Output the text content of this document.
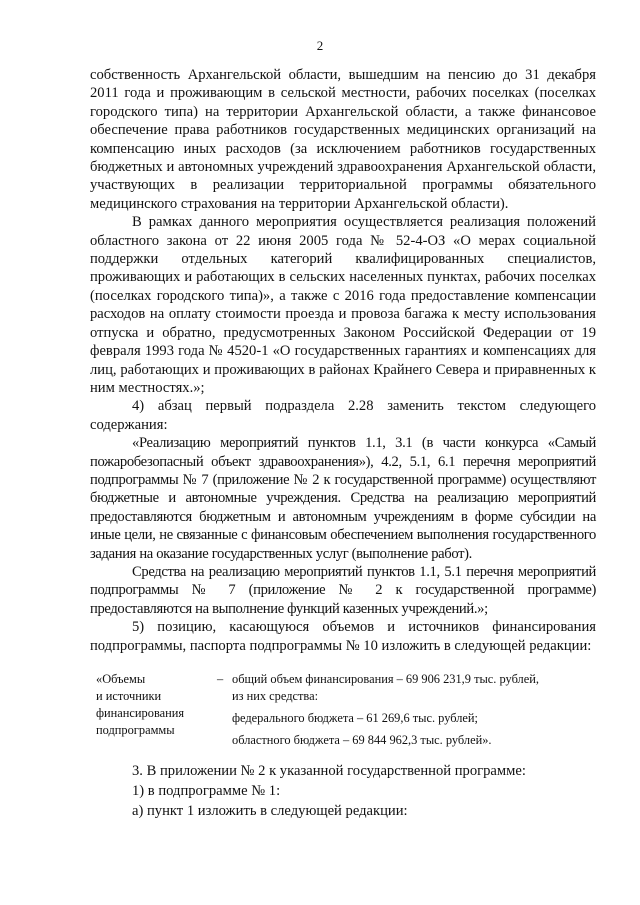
2

собственность Архангельской области, вышедшим на пенсию до 31 декабря 2011 года и проживающим в сельской местности, рабочих поселках (поселках городского типа) на территории Архангельской области, а также финансовое обеспечение права работников государственных медицинских организаций на компенсацию иных расходов (за исключением работников государственных бюджетных и автономных учреждений здравоохранения Архангельской области, участвующих в реализации территориальной программы обязательного медицинского страхования на территории Архангельской области).

В рамках данного мероприятия осуществляется реализация положений областного закона от 22 июня 2005 года № 52-4-ОЗ «О мерах социальной поддержки отдельных категорий квалифицированных специалистов, проживающих и работающих в сельских населенных пунктах, рабочих поселках (поселках городского типа)», а также с 2016 года предоставление компенсации расходов на оплату стоимости проезда и провоза багажа к месту использования отпуска и обратно, предусмотренных Законом Российской Федерации от 19 февраля 1993 года № 4520-1 «О государственных гарантиях и компенсациях для лиц, работающих и проживающих в районах Крайнего Севера и приравненных к ним местностях.»;

4) абзац первый подраздела 2.28 заменить текстом следующего содержания:

«Реализацию мероприятий пунктов 1.1, 3.1 (в части конкурса «Самый пожаробезопасный объект здравоохранения»), 4.2, 5.1, 6.1 перечня мероприятий подпрограммы № 7 (приложение № 2 к государственной программе) осуществляют бюджетные и автономные учреждения. Средства на реализацию мероприятий предоставляются бюджетным и автономным учреждениям в форме субсидии на иные цели, не связанные с финансовым обеспечением выполнения государственного задания на оказание государственных услуг (выполнение работ).

Средства на реализацию мероприятий пунктов 1.1, 5.1 перечня мероприятий подпрограммы № 7 (приложение № 2 к государственной программе) предоставляются на выполнение функций казенных учреждений.»;

5) позицию, касающуюся объемов и источников финансирования подпрограммы, паспорта подпрограммы № 10 изложить в следующей редакции:

«Объемы
и источники
финансирования
подпрограммы
– общий объем финансирования – 69 906 231,9 тыс. рублей,
из них средства:
федерального бюджета – 61 269,6 тыс. рублей;
областного бюджета – 69 844 962,3 тыс. рублей».

3. В приложении № 2 к указанной государственной программе:

1) в подпрограмме № 1:

а) пункт 1 изложить в следующей редакции:
